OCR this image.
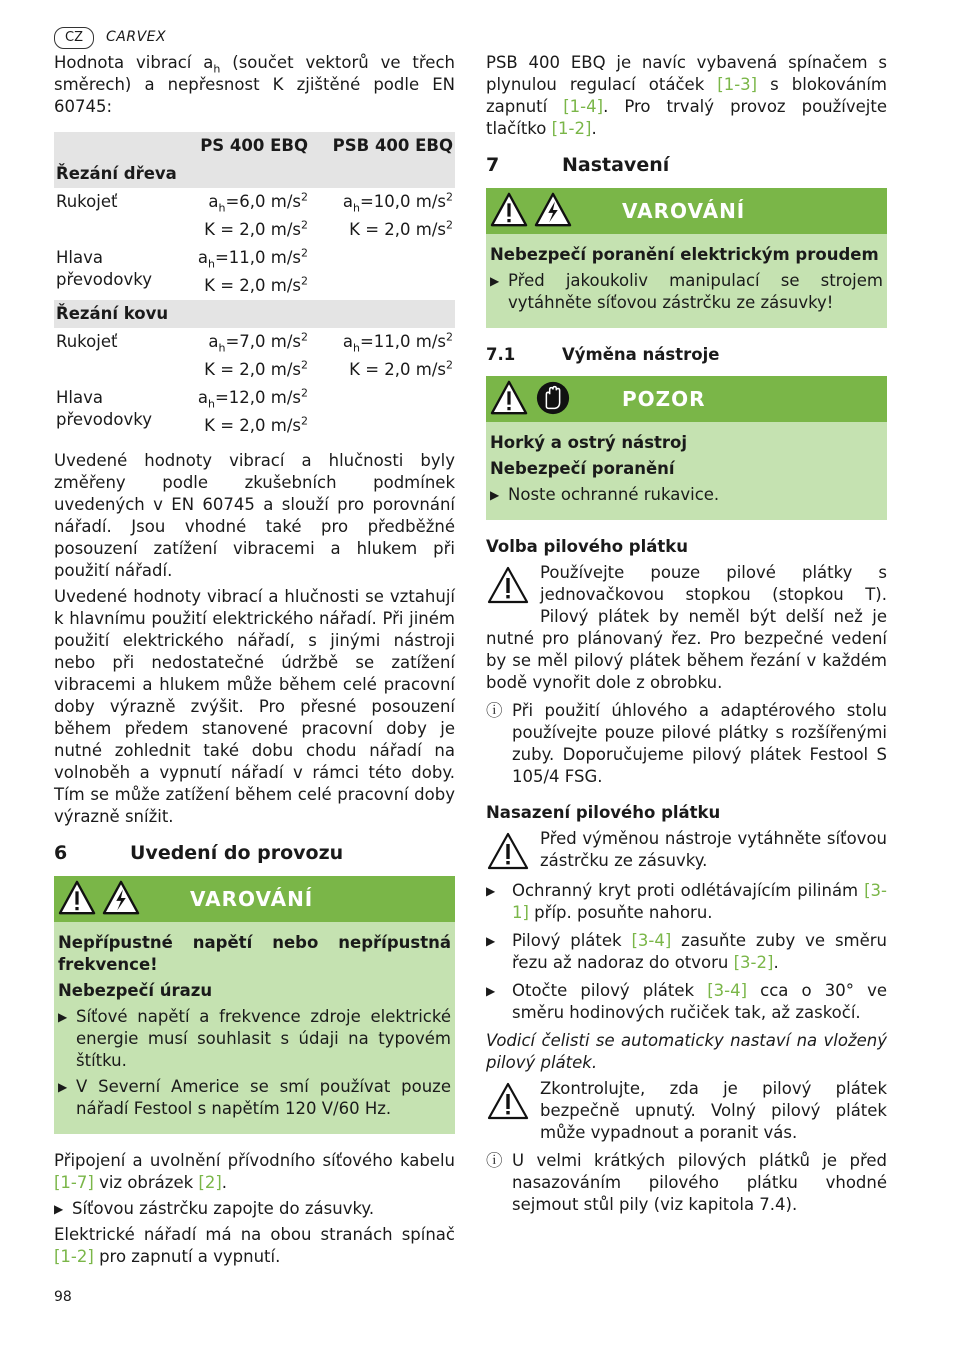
CZ	CARVEX

Hodnota vibrací $a_h$ (součet vektorů ve třech směrech) a nepřesnost K zjištěné podle EN 60745:

	PS 400 EBQ	PSB 400 EBQ
Řezání dřeva		
Rukojeť	$a_h=6,0$ $m/s^2$	$a_h=10,0$ $m/s^2$
	K = 2,0 $m/s^2$	K = 2,0 $m/s^2$
Hlava převodovky	$a_h=11,0$ $m/s^2$	
	K = 2,0 $m/s^2$	
Řezání kovu		
Rukojeť	$a_h=7,0$ $m/s^2$	$a_h=11,0$ $m/s^2$
	K = 2,0 $m/s^2$	K = 2,0 $m/s^2$
Hlava převodovky	$a_h=12,0$ $m/s^2$	
	K = 2,0 $m/s^2$	

Uvedené hodnoty vibrací a hlučnosti byly změřeny podle zkušebních podmínek uvedených v EN 60745 a slouží pro porovnání nářadí. Jsou vhodné také pro předběžné posouzení zatížení vibracemi a hlukem při použití nářadí.

Uvedené hodnoty vibrací a hlučnosti se vztahují k hlavnímu použití elektrického nářadí. Při jiném použití elektrického nářadí, s jinými nástroji nebo při nedostatečné údržbě se zatížení vibracemi a hlukem může během celé pracovní doby výrazně zvýšit. Pro přesné posouzení během předem stanovené pracovní doby je nutné zohlednit také dobu chodu nářadí na volnoběh a vypnutí nářadí v rámci této doby. Tím se může zatížení během celé pracovní doby výrazně snížit.

6	Uvedení do provozu
VAROVÁNÍ
Nepřípustné napětí nebo nepřípustná frekvence!
Nebezpečí úrazu
▶ Síťové napětí a frekvence zdroje elektrické energie musí souhlasit s údaji na typovém štítku.
▶ V Severní Americe se smí používat pouze nářadí Festool s napětím 120 V/60 Hz.

Připojení a uvolnění přívodního síťového kabelu [1-7] viz obrázek [2].

▶ Síťovou zástrčku zapojte do zásuvky.

Elektrické nářadí má na obou stranách spínač [1-2] pro zapnutí a vypnutí.

PSB 400 EBQ je navíc vybavená spínačem s plynulou regulací otáček [1-3] s blokováním zapnutí [1-4]. Pro trvalý provoz používejte tlačítko [1-2].

7	Nastavení
VAROVÁNÍ
Nebezpečí poranění elektrickým proudem
▶ Před jakoukoliv manipulací se strojem vytáhněte síťovou zástrčku ze zásuvky!
7.1	Výměna nástroje
POZOR
Horký a ostrý nástroj
Nebezpečí poranění
▶ Noste ochranné rukavice.
Volba pilového plátku

Používejte pouze pilové plátky s jednovačkovou stopkou (stopkou T). Pilový plátek by neměl být delší než je nutné pro plánovaný řez. Pro bezpečné vedení by se měl pilový plátek během řezání v každém bodě vynořit dole z obrobku.

ⓘ Při použití úhlového a adaptérového stolu používejte pouze pilové plátky s rozšířenými zuby. Doporučujeme pilový plátek Festool S 105/4 FSG.
Nasazení pilového plátku

Před výměnou nástroje vytáhněte síťovou zástrčku ze zásuvky.

▶	Ochranný kryt proti odlétávajícím pilinám [3-1] příp. posuňte nahoru.
▶	Pilový plátek [3-4] zasuňte zuby ve směru řezu až nadoraz do otvoru [3-2].
▶	Otočte pilový plátek [3-4] cca o 30° ve směru hodinových ručiček tak, až zaskočí.

Vodicí čelisti se automaticky nastaví na vložený pilový plátek.

Zkontrolujte, zda je pilový plátek bezpečně upnutý. Volný pilový plátek může vypadnout a poranit vás.

ⓘ U velmi krátkých pilových plátků je před nasazováním pilového plátku vhodné sejmout stůl pily (viz kapitola 7.4).
98
